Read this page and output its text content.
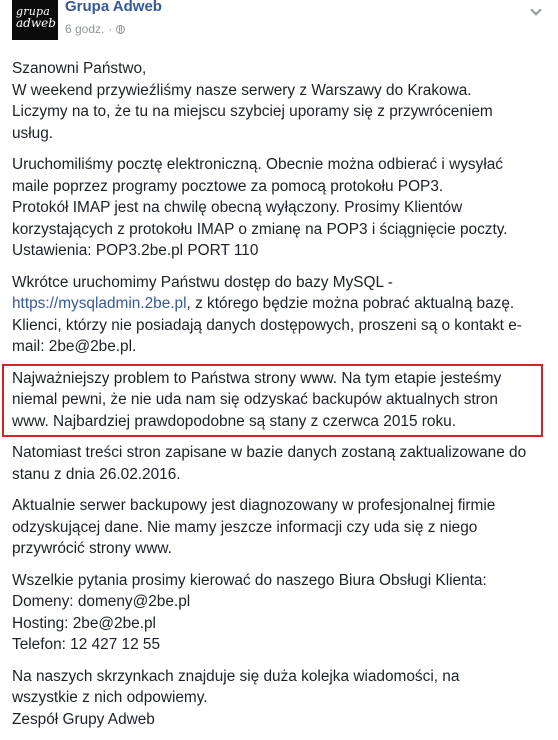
grupa
adweb
Grupa Adweb
6 godz. ·

Szanowni Państwo,
W weekend przywieźliśmy nasze serwery z Warszawy do Krakowa.
Liczymy na to, że tu na miejscu szybciej uporamy się z przywróceniem
usług.

Uruchomiliśmy pocztę elektroniczną. Obecnie można odbierać i wysyłać
maile poprzez programy pocztowe za pomocą protokołu POP3.
Protokół IMAP jest na chwilę obecną wyłączony. Prosimy Klientów
korzystających z protokołu IMAP o zmianę na POP3 i ściągnięcie poczty.
Ustawienia: POP3.2be.pl PORT 110

Wkrótce uruchomimy Państwu dostęp do bazy MySQL -
https://mysqladmin.2be.pl, z którego będzie można pobrać aktualną bazę.
Klienci, którzy nie posiadają danych dostępowych, proszeni są o kontakt e-
mail: 2be@2be.pl.

Najważniejszy problem to Państwa strony www. Na tym etapie jesteśmy
niemal pewni, że nie uda nam się odzyskać backupów aktualnych stron
www. Najbardziej prawdopodobne są stany z czerwca 2015 roku.

Natomiast treści stron zapisane w bazie danych zostaną zaktualizowane do
stanu z dnia 26.02.2016.

Aktualnie serwer backupowy jest diagnozowany w profesjonalnej firmie
odzyskującej dane. Nie mamy jeszcze informacji czy uda się z niego
przywrócić strony www.

Wszelkie pytania prosimy kierować do naszego Biura Obsługi Klienta:
Domeny: domeny@2be.pl
Hosting: 2be@2be.pl
Telefon: 12 427 12 55

Na naszych skrzynkach znajduje się duża kolejka wiadomości, na
wszystkie z nich odpowiemy.
Zespół Grupy Adweb
